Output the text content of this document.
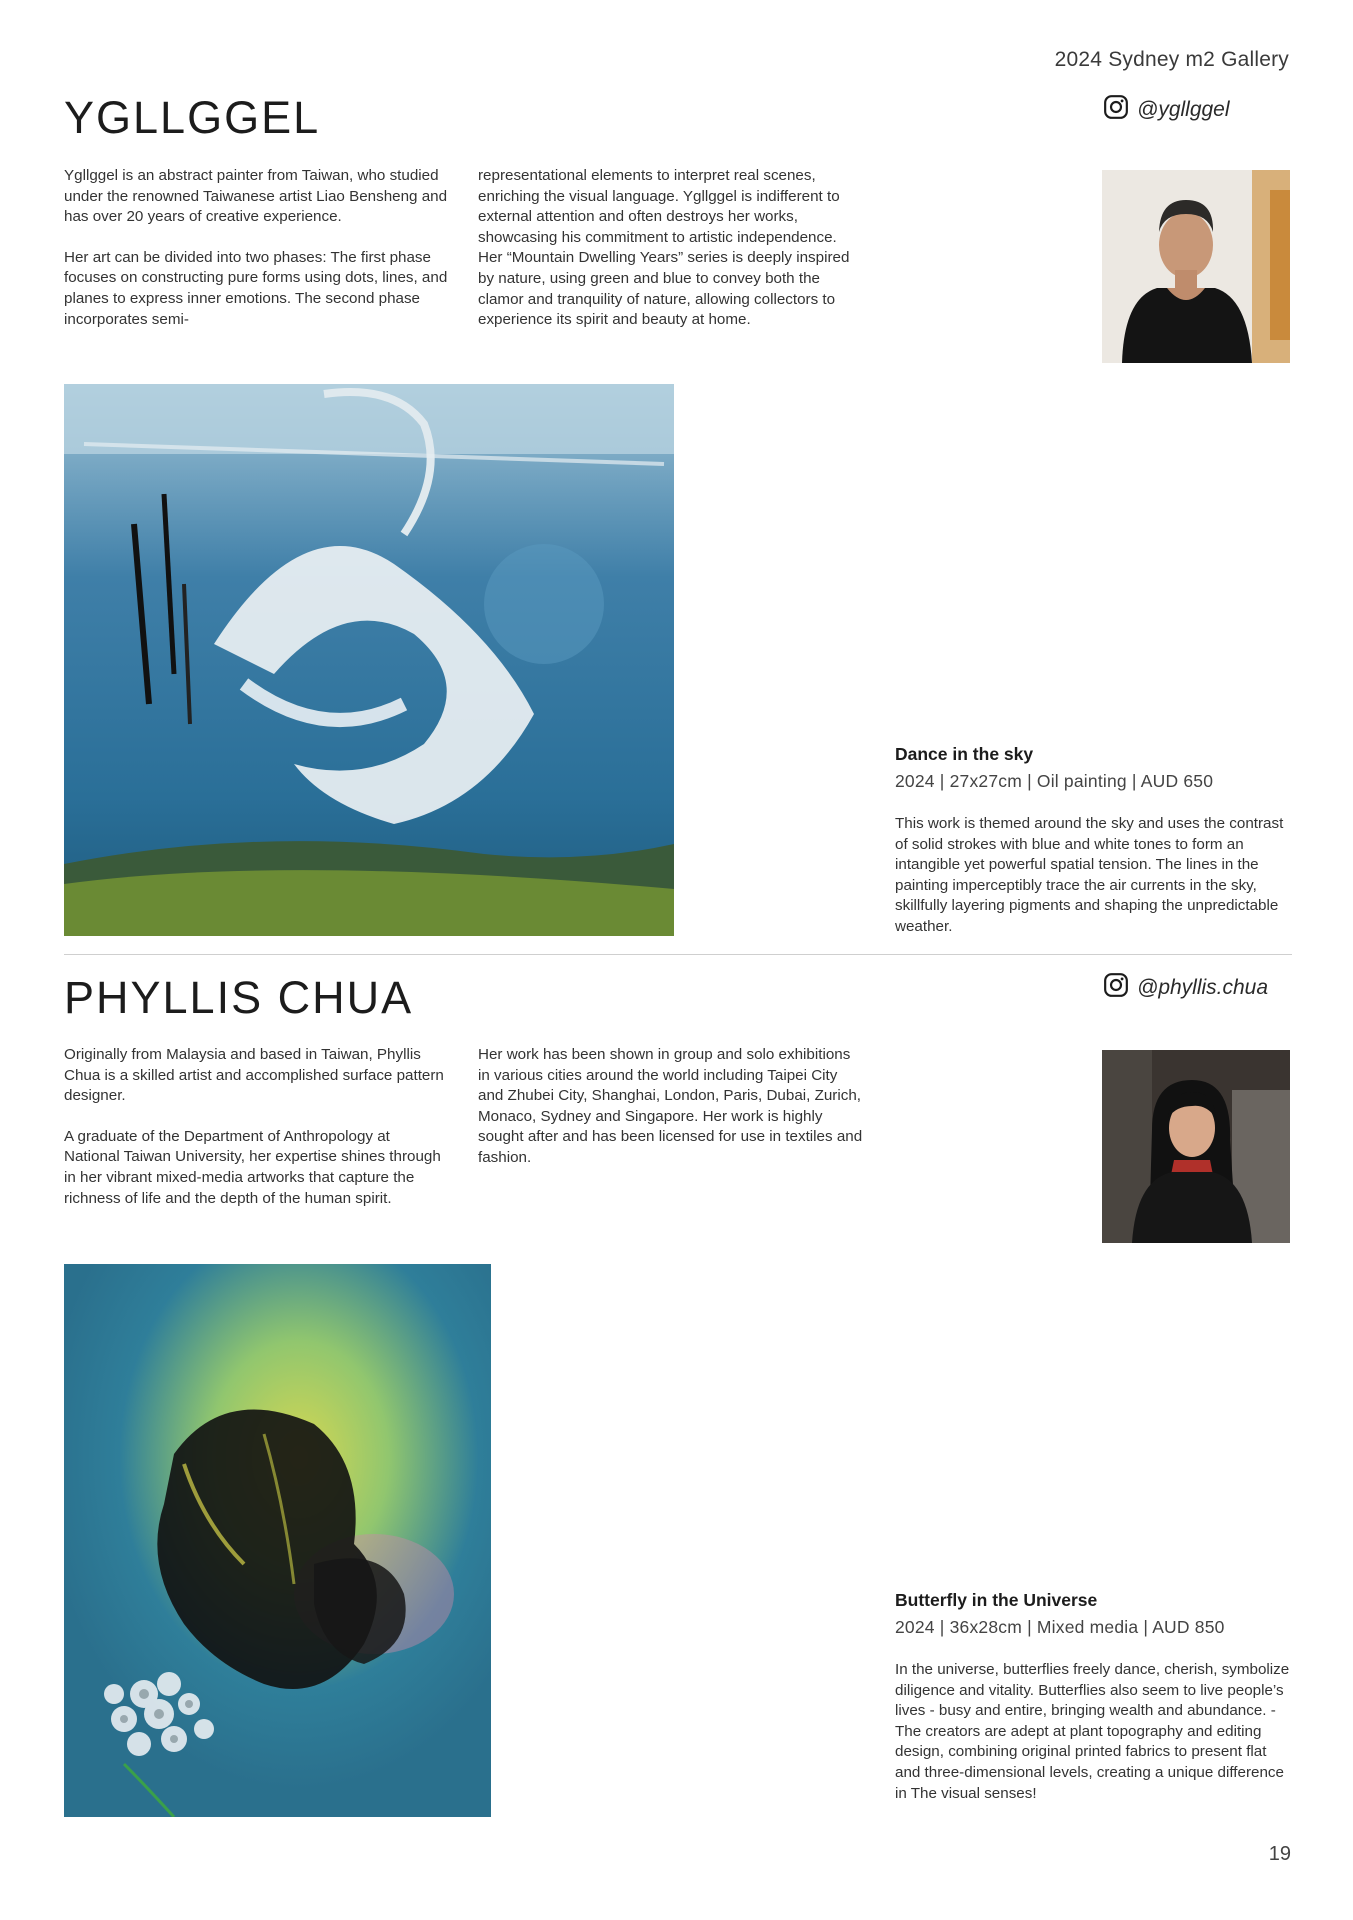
2024 Sydney m2 Gallery
YGLLGGEL	@ygllggel

Ygllggel is an abstract painter from Taiwan, who studied under the renowned Taiwanese artist Liao Bensheng and has over 20 years of creative experience.

Her art can be divided into two phases: The first phase focuses on constructing pure forms using dots, lines, and planes to express inner emotions. The second phase incorporates semi-

representational elements to interpret real scenes, enriching the visual language. Ygllggel is indifferent to external attention and often destroys her works, showcasing his commitment to artistic independence. Her “Mountain Dwelling Years” series is deeply inspired by nature, using green and blue to convey both the clamor and tranquility of nature, allowing collectors to experience its spirit and beauty at home.

Dance in the sky
2024 | 27x27cm | Oil painting | AUD 650
This work is themed around the sky and uses the contrast of solid strokes with blue and white tones to form an intangible yet powerful spatial tension. The lines in the painting imperceptibly trace the air currents in the sky, skillfully layering pigments and shaping the unpredictable weather.
PHYLLIS CHUA	@phyllis.chua

Originally from Malaysia and based in Taiwan, Phyllis Chua is a skilled artist and accomplished surface pattern designer.

A graduate of the Department of Anthropology at National Taiwan University, her expertise shines through in her vibrant mixed-media artworks that capture the richness of life and the depth of the human spirit.

Her work has been shown in group and solo exhibitions in various cities around the world including Taipei City and Zhubei City, Shanghai, London, Paris, Dubai, Zurich, Monaco, Sydney and Singapore. Her work is highly sought after and has been licensed for use in textiles and fashion.

Butterfly in the Universe
2024 | 36x28cm | Mixed media | AUD 850
In the universe, butterflies freely dance, cherish, symbolize diligence and vitality. Butterflies also seem to live people’s lives - busy and entire, bringing wealth and abundance. - The creators are adept at plant topography and editing design, combining original printed fabrics to present flat and three-dimensional levels, creating a unique difference in The visual senses!
19
